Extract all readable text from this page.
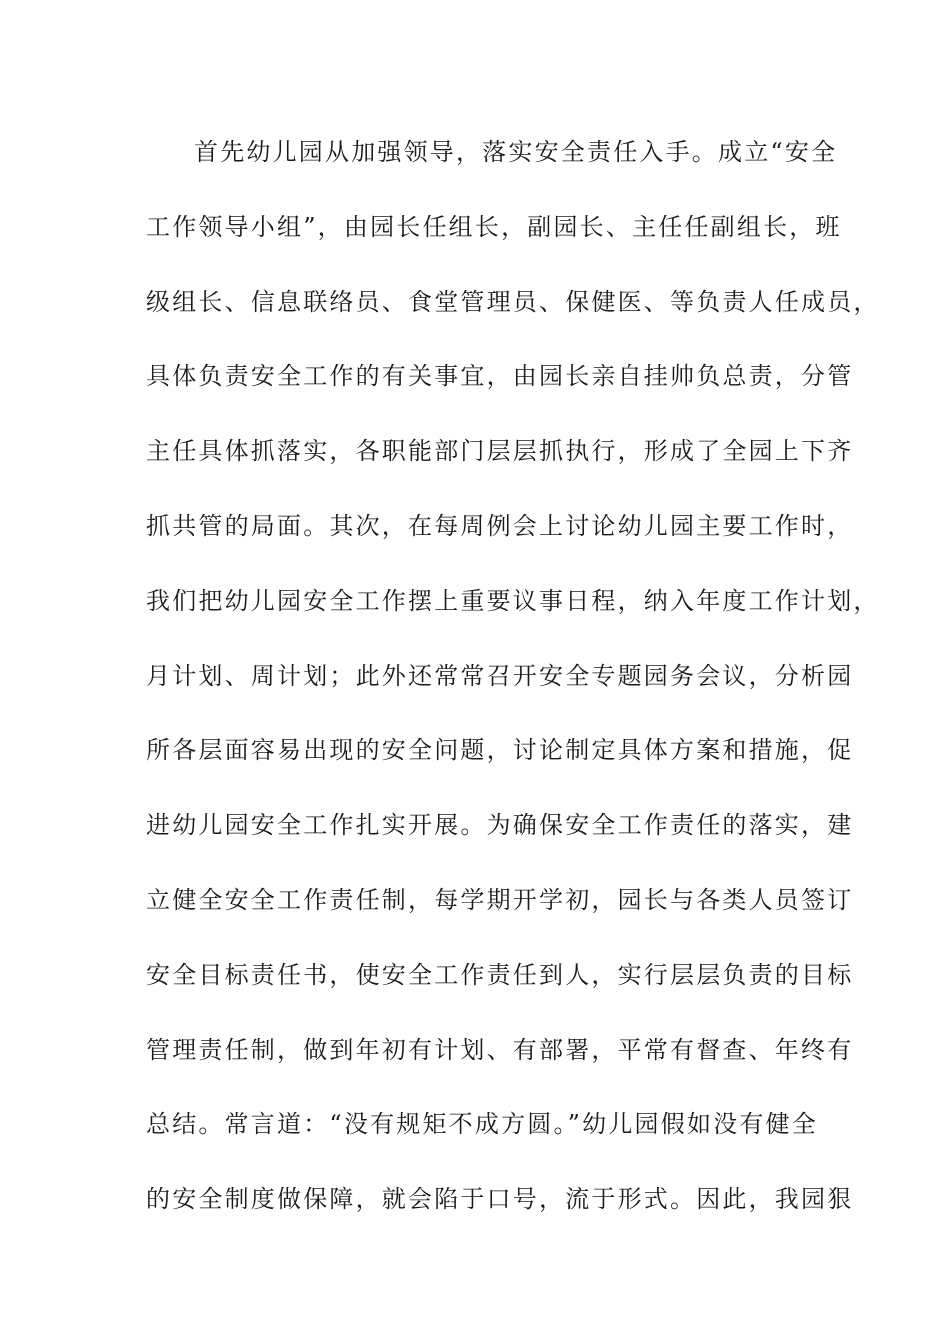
首先幼儿园从加强领导，落实安全责任入手。成立“安全
工作领导小组”，由园长任组长，副园长、主任任副组长，班
级组长、信息联络员、食堂管理员、保健医、等负责人任成员，
具体负责安全工作的有关事宜，由园长亲自挂帅负总责，分管
主任具体抓落实，各职能部门层层抓执行，形成了全园上下齐
抓共管的局面。其次，在每周例会上讨论幼儿园主要工作时，
我们把幼儿园安全工作摆上重要议事日程，纳入年度工作计划，
月计划、周计划；此外还常常召开安全专题园务会议，分析园
所各层面容易出现的安全问题，讨论制定具体方案和措施，促
进幼儿园安全工作扎实开展。为确保安全工作责任的落实，建
立健全安全工作责任制，每学期开学初，园长与各类人员签订
安全目标责任书，使安全工作责任到人，实行层层负责的目标
管理责任制，做到年初有计划、有部署，平常有督查、年终有
总结。常言道：“没有规矩不成方圆。”幼儿园假如没有健全
的安全制度做保障，就会陷于口号，流于形式。因此，我园狠
